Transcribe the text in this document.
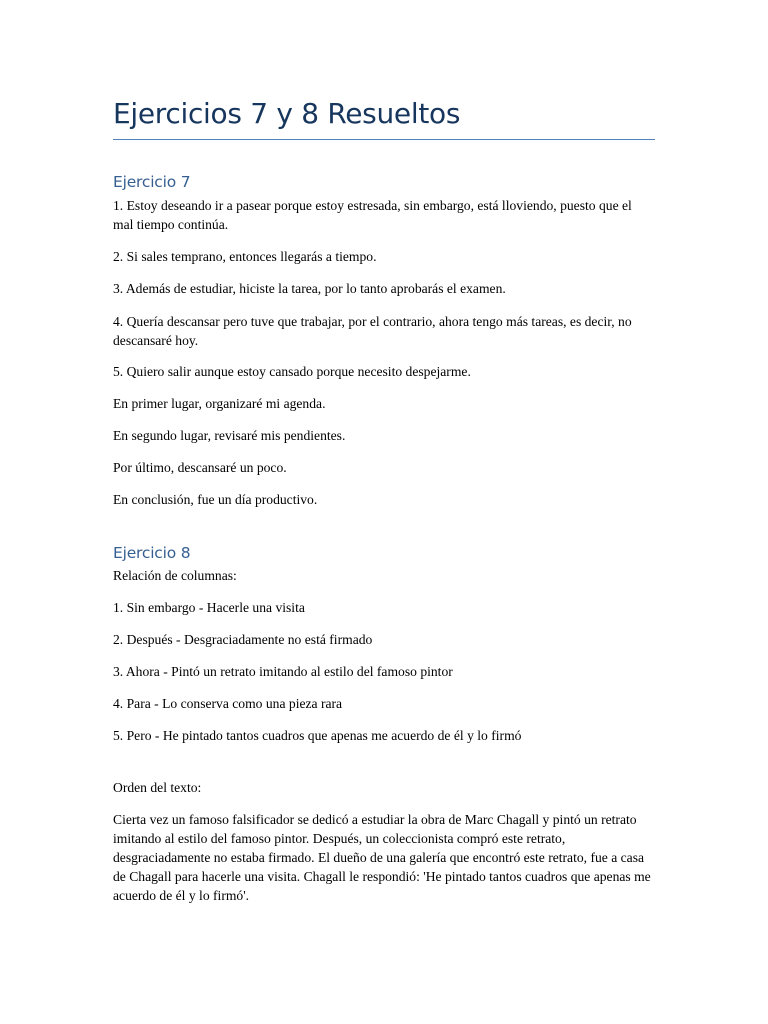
Ejercicios 7 y 8 Resueltos
Ejercicio 7

1. Estoy deseando ir a pasear porque estoy estresada, sin embargo, está lloviendo, puesto que el mal tiempo continúa.

2. Si sales temprano, entonces llegarás a tiempo.

3. Además de estudiar, hiciste la tarea, por lo tanto aprobarás el examen.

4. Quería descansar pero tuve que trabajar, por el contrario, ahora tengo más tareas, es decir, no descansaré hoy.

5. Quiero salir aunque estoy cansado porque necesito despejarme.

En primer lugar, organizaré mi agenda.

En segundo lugar, revisaré mis pendientes.

Por último, descansaré un poco.

En conclusión, fue un día productivo.

Ejercicio 8

Relación de columnas:

1. Sin embargo - Hacerle una visita

2. Después - Desgraciadamente no está firmado

3. Ahora - Pintó un retrato imitando al estilo del famoso pintor

4. Para - Lo conserva como una pieza rara

5. Pero - He pintado tantos cuadros que apenas me acuerdo de él y lo firmó

Orden del texto:

Cierta vez un famoso falsificador se dedicó a estudiar la obra de Marc Chagall y pintó un retrato imitando al estilo del famoso pintor. Después, un coleccionista compró este retrato, desgraciadamente no estaba firmado. El dueño de una galería que encontró este retrato, fue a casa de Chagall para hacerle una visita. Chagall le respondió: 'He pintado tantos cuadros que apenas me acuerdo de él y lo firmó'.
